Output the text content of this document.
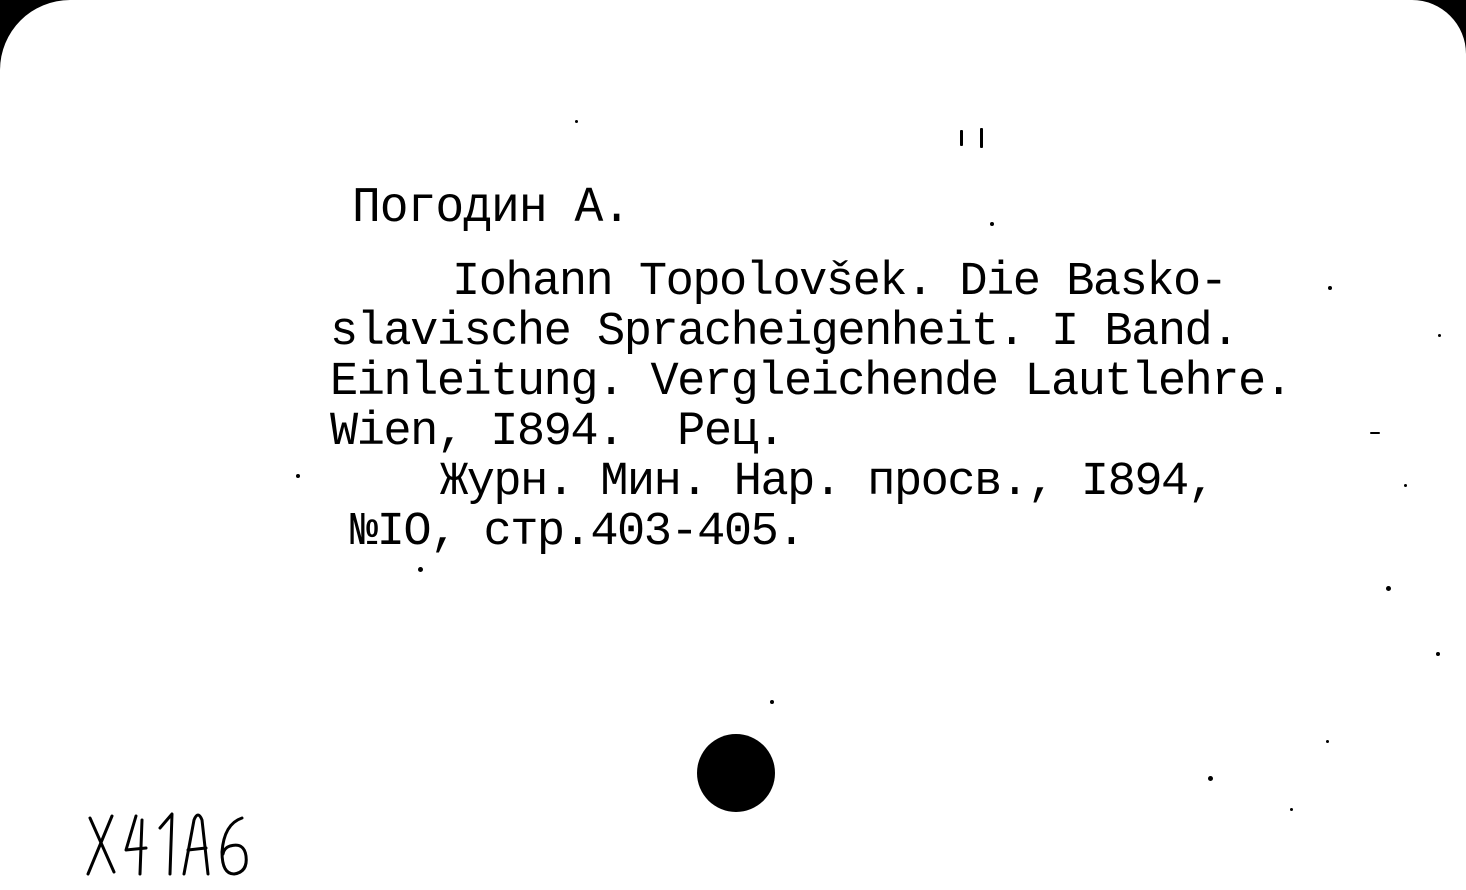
Погодин А.

Iohann Topolovšek. Die Basko-

slavische Spracheigenheit. I Band.

Einleitung. Vergleichende Lautlehre.

Wien, I894.  Рец.

Журн. Мин. Нар. просв., I894,

№IO, стр.403-405.
